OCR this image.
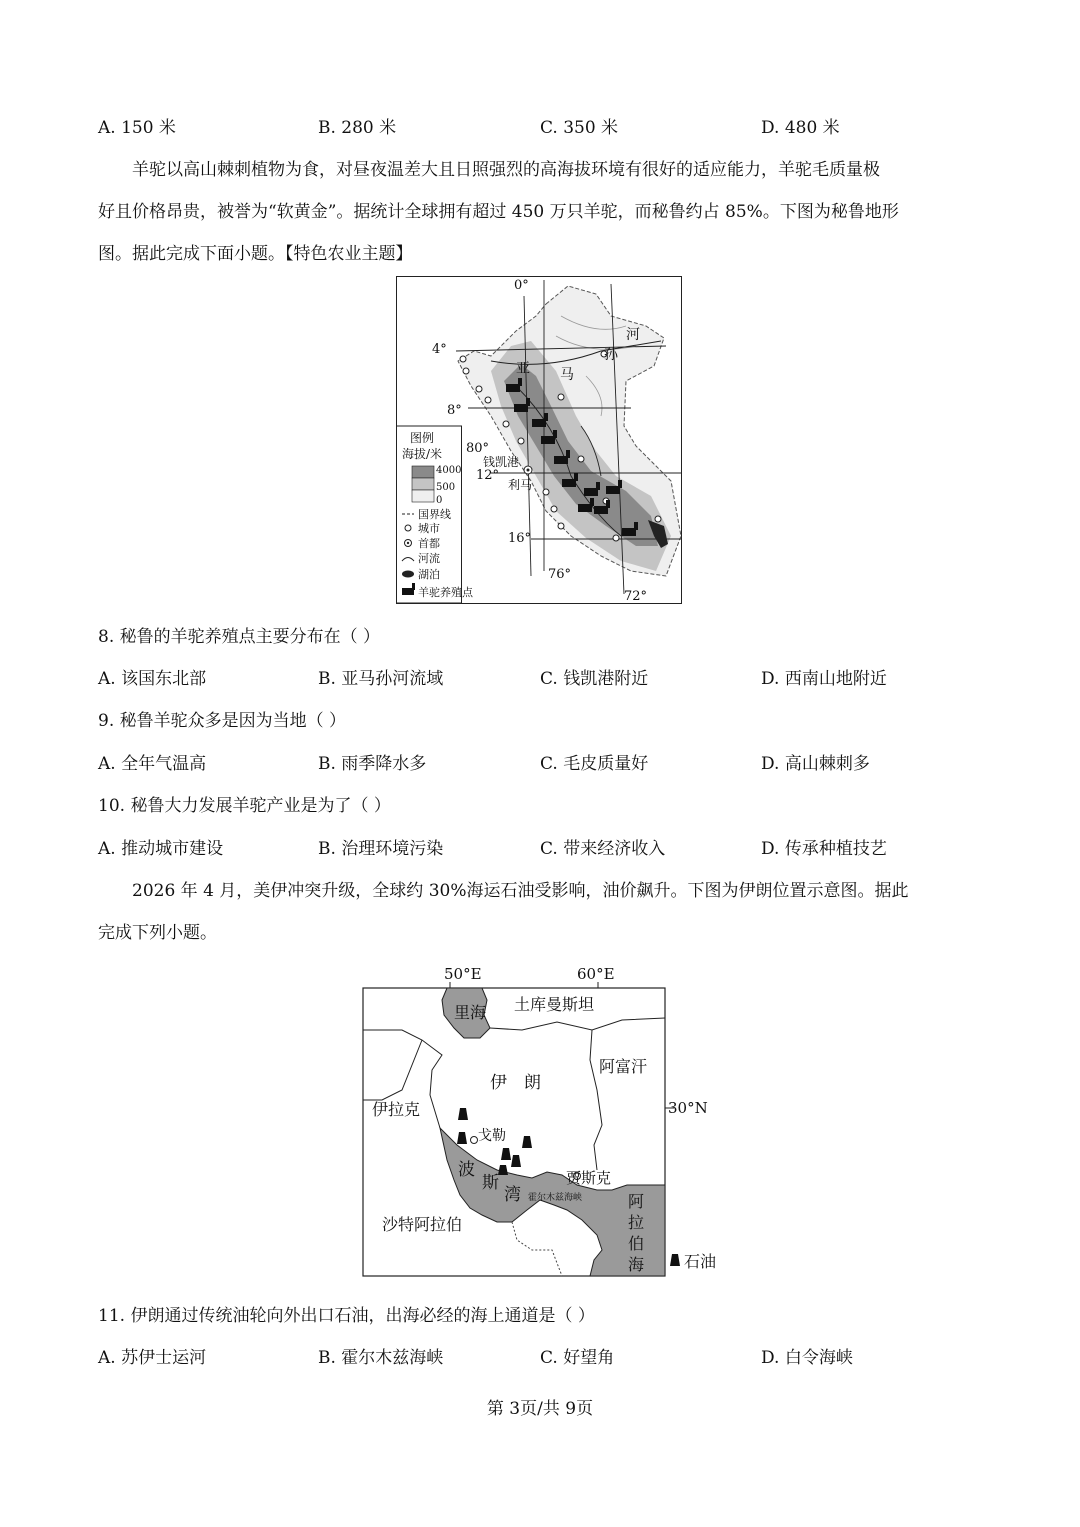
A. 150 米	B. 280 米	C. 350 米	D. 480 米
羊驼以高山棘刺植物为食，对昼夜温差大且日照强烈的高海拔环境有很好的适应能力，羊驼毛质量极
好且价格昂贵，被誉为“软黄金”。据统计全球拥有超过 450 万只羊驼，而秘鲁约占 85%。下图为秘鲁地形
图。据此完成下面小题。【特色农业主题】
0°
4°
8°
12°
16°
80°
76°
72°
河
孙
亚 马
钱凯港
利马
图例
海拔/米
4000
500
0
国界线
城市
首都
河流
湖泊
羊驼养殖点
8. 秘鲁的羊驼养殖点主要分布在（ ）
A. 该国东北部	B. 亚马孙河流域	C. 钱凯港附近	D. 西南山地附近
9. 秘鲁羊驼众多是因为当地（ ）
A. 全年气温高	B. 雨季降水多	C. 毛皮质量好	D. 高山棘刺多
10. 秘鲁大力发展羊驼产业是为了（ ）
A. 推动城市建设	B. 治理环境污染	C. 带来经济收入	D. 传承种植技艺
2026 年 4 月，美伊冲突升级，全球约 30%海运石油受影响，油价飙升。下图为伊朗位置示意图。据此
完成下列小题。
50°E	60°E
30°N
里海 土库曼斯坦
阿富汗
伊　朗
伊拉克
戈勒
贾斯克
沙特阿拉伯
波
斯
湾 霍尔木兹海峡	阿
拉
伯
海 石油
11. 伊朗通过传统油轮向外出口石油，出海必经的海上通道是（ ）
A. 苏伊士运河	B. 霍尔木兹海峡	C. 好望角	D. 白令海峡
第 3页/共 9页
